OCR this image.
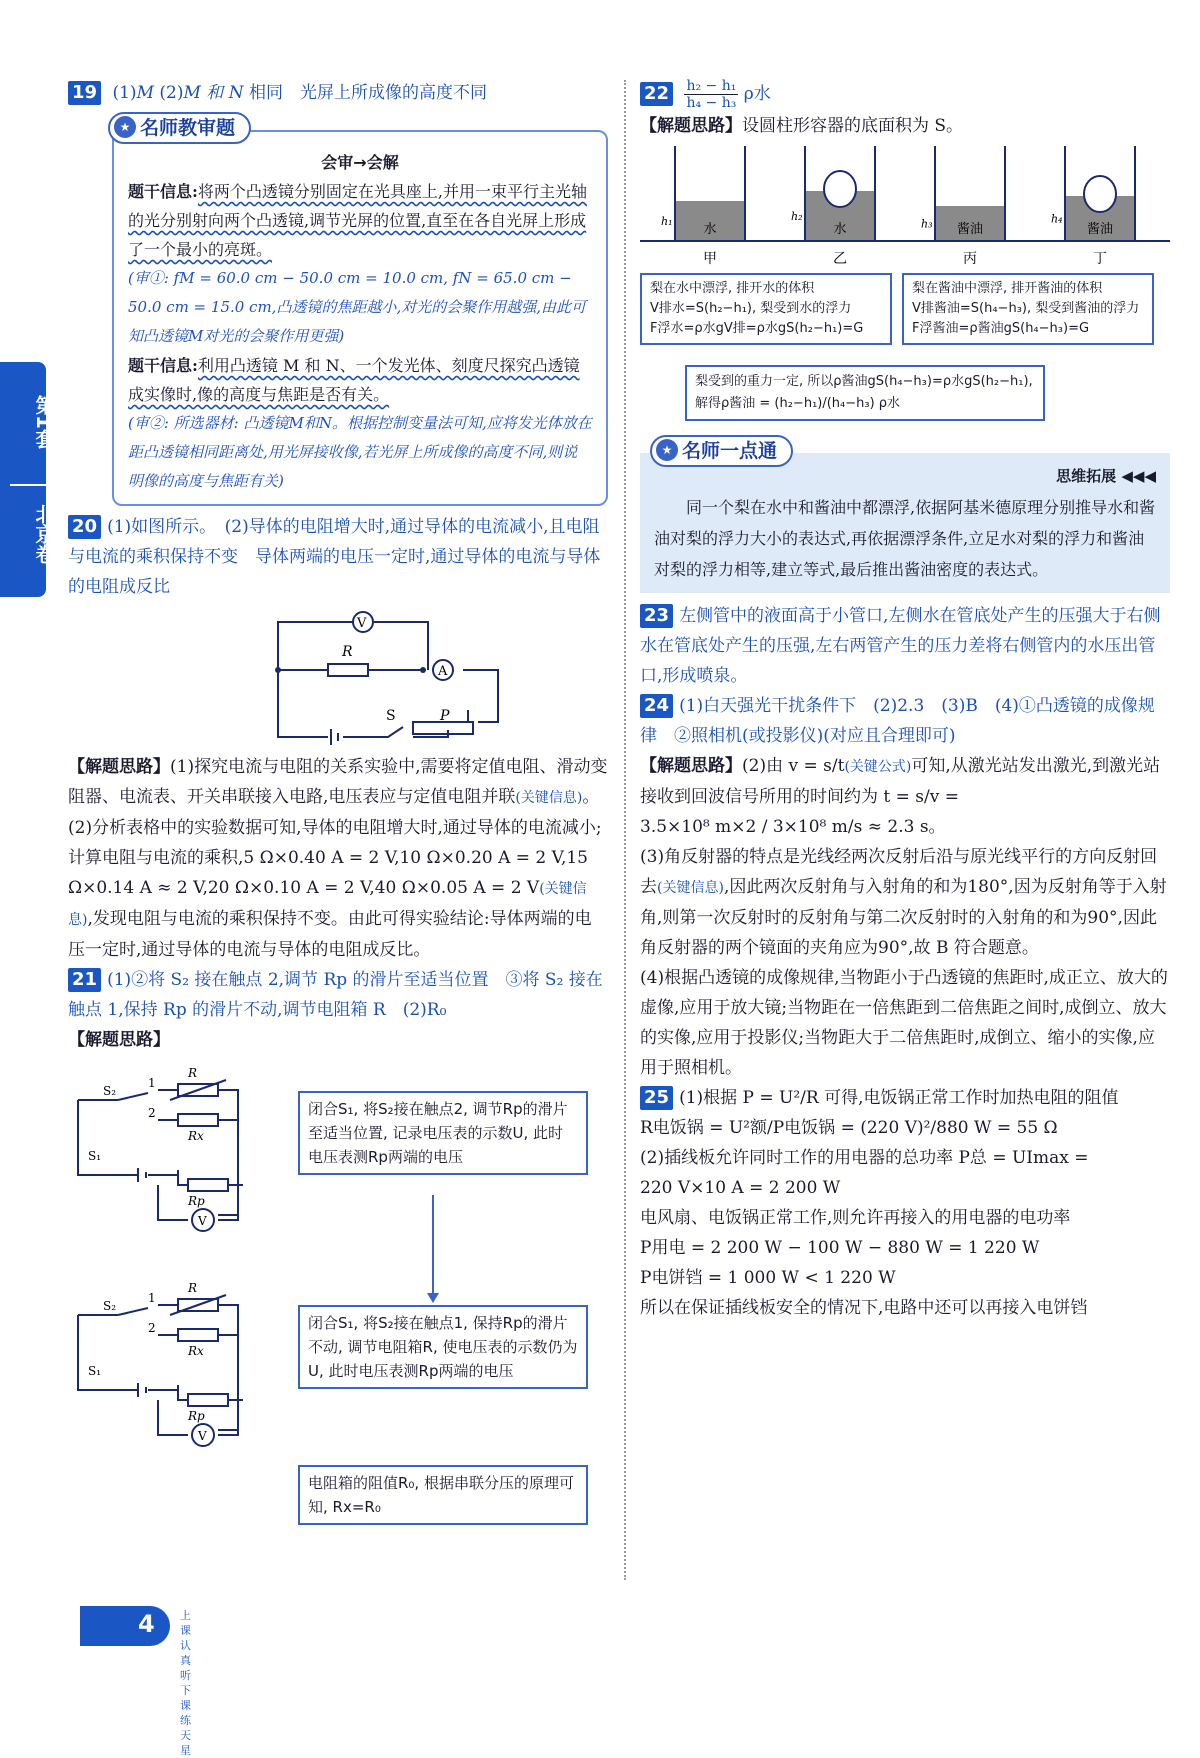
第1套
北京卷
19 (1)M (2)M 和 N 相同　光屏上所成像的高度不同
★ 名师教审题
会审→会解
题干信息:将两个凸透镜分别固定在光具座上,并用一束平行主光轴的光分别射向两个凸透镜,调节光屏的位置,直至在各自光屏上形成了一个最小的亮斑。
(审①: fM = 60.0 cm − 50.0 cm = 10.0 cm, fN = 65.0 cm − 50.0 cm = 15.0 cm,凸透镜的焦距越小,对光的会聚作用越强,由此可知凸透镜M对光的会聚作用更强)
题干信息:利用凸透镜 M 和 N、一个发光体、刻度尺探究凸透镜成实像时,像的高度与焦距是否有关。
(审②: 所选器材: 凸透镜M和N。根据控制变量法可知,应将发光体放在距凸透镜相同距离处,用光屏接收像,若光屏上所成像的高度不同,则说明像的高度与焦距有关)
20 (1)如图所示。　(2)导体的电阻增大时,通过导体的电流减小,且电阻与电流的乘积保持不变　导体两端的电压一定时,通过导体的电流与导体的电阻成反比
V
A
R
S	P
【解题思路】(1)探究电流与电阻的关系实验中,需要将定值电阻、滑动变阻器、电流表、开关串联接入电路,电压表应与定值电阻并联(关键信息)。
(2)分析表格中的实验数据可知,导体的电阻增大时,通过导体的电流减小;计算电阻与电流的乘积,5 Ω×0.40 A = 2 V,10 Ω×0.20 A = 2 V,15 Ω×0.14 A ≈ 2 V,20 Ω×0.10 A = 2 V,40 Ω×0.05 A = 2 V(关键信息),发现电阻与电流的乘积保持不变。由此可得实验结论:导体两端的电压一定时,通过导体的电流与导体的电阻成反比。
21 (1)②将 S₂ 接在触点 2,调节 Rp 的滑片至适当位置　③将 S₂ 接在触点 1,保持 Rp 的滑片不动,调节电阻箱 R　(2)R₀
【解题思路】
V
S₂
S₁
R
Rx
Rp
1
2	闭合S₁, 将S₂接在触点2, 调节Rp的滑片至适当位置, 记录电压表的示数U, 此时电压表测Rp两端的电压
V
S₂
S₁
R
Rx
Rp
1
2	闭合S₁, 将S₂接在触点1, 保持Rp的滑片不动, 调节电阻箱R, 使电压表的示数仍为U, 此时电压表测Rp两端的电压
电阻箱的阻值R₀, 根据串联分压的原理可知, Rx=R₀
$22 \frac{\text{h₂ − h₁}}{\text{h₄ − h₃}}$ ρ水
【解题思路】设圆柱形容器的底面积为 S。
水
h₁
甲
水
h₂
乙
酱油
h₃
丙
酱油
h₄
丁
梨在水中漂浮, 排开水的体积
V排水=S(h₂−h₁), 梨受到水的浮力
F浮水=ρ水gV排=ρ水gS(h₂−h₁)=G
梨在酱油中漂浮, 排开酱油的体积
V排酱油=S(h₄−h₃), 梨受到酱油的浮力
F浮酱油=ρ酱油gS(h₄−h₃)=G
梨受到的重力一定, 所以ρ酱油gS(h₄−h₃)=ρ水gS(h₂−h₁),
解得ρ酱油 = (h₂−h₁)/(h₄−h₃) ρ水
★ 名师一点通
思维拓展 ◀◀◀
同一个梨在水中和酱油中都漂浮,依据阿基米德原理分别推导水和酱油对梨的浮力大小的表达式,再依据漂浮条件,立足水对梨的浮力和酱油对梨的浮力相等,建立等式,最后推出酱油密度的表达式。
23 左侧管中的液面高于小管口,左侧水在管底处产生的压强大于右侧水在管底处产生的压强,左右两管产生的压力差将右侧管内的水压出管口,形成喷泉。
24 (1)白天强光干扰条件下　(2)2.3　(3)B　(4)①凸透镜的成像规律　②照相机(或投影仪)(对应且合理即可)
【解题思路】(2)由 v = s/t(关键公式)可知,从激光站发出激光,到激光站接收到回波信号所用的时间约为 t = s/v =
3.5×10⁸ m×2 / 3×10⁸ m/s ≈ 2.3 s。
(3)角反射器的特点是光线经两次反射后沿与原光线平行的方向反射回去(关键信息),因此两次反射角与入射角的和为180°,因为反射角等于入射角,则第一次反射时的反射角与第二次反射时的入射角的和为90°,因此角反射器的两个镜面的夹角应为90°,故 B 符合题意。
(4)根据凸透镜的成像规律,当物距小于凸透镜的焦距时,成正立、放大的虚像,应用于放大镜;当物距在一倍焦距到二倍焦距之间时,成倒立、放大的实像,应用于投影仪;当物距大于二倍焦距时,成倒立、缩小的实像,应用于照相机。
25 (1)根据 P = U²/R 可得,电饭锅正常工作时加热电阻的阻值
R电饭锅 = U²额/P电饭锅 = (220 V)²/880 W = 55 Ω
(2)插线板允许同时工作的用电器的总功率 P总 = UImax =
220 V×10 A = 2 200 W
电风扇、电饭锅正常工作,则允许再接入的用电器的电功率
P用电 = 2 200 W − 100 W − 880 W = 1 220 W
P电饼铛 = 1 000 W < 1 220 W
所以在保证插线板安全的情况下,电路中还可以再接入电饼铛
4 上课认真听
下课练天星
